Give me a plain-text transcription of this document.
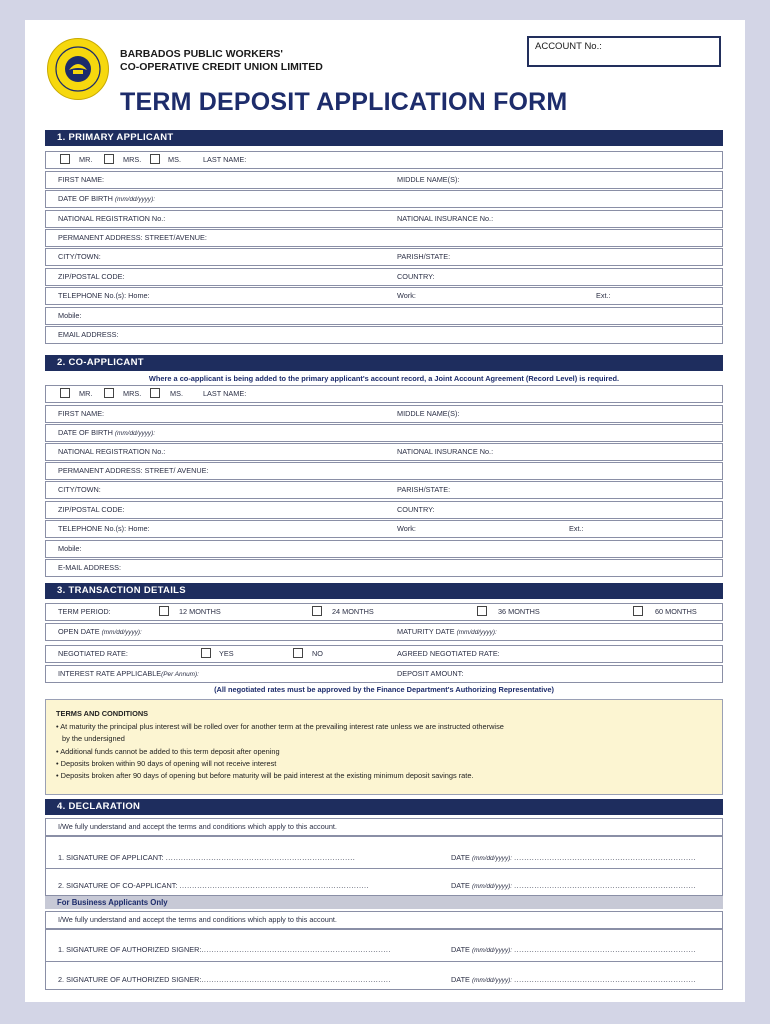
BARBADOS PUBLIC WORKERS'
CO-OPERATIVE CREDIT UNION LIMITED
ACCOUNT No.:
TERM DEPOSIT APPLICATION FORM
1. PRIMARY APPLICANT
MR.	MRS.	MS.	LAST NAME:
FIRST NAME:	MIDDLE NAME(S):
DATE OF BIRTH (mm/dd/yyyy):
NATIONAL REGISTRATION No.:	NATIONAL INSURANCE No.:
PERMANENT ADDRESS: STREET/AVENUE:
CITY/TOWN:	PARISH/STATE:
ZIP/POSTAL CODE:	COUNTRY:
TELEPHONE No.(s): Home:	Work:	Ext.:
Mobile:
EMAIL ADDRESS:
2. CO-APPLICANT
Where a co-applicant is being added to the primary applicant's account record, a Joint Account Agreement (Record Level) is required.
MR.	MRS.	MS.	LAST NAME:
FIRST NAME:	MIDDLE NAME(S):
DATE OF BIRTH (mm/dd/yyyy):
NATIONAL REGISTRATION No.:	NATIONAL INSURANCE No.:
PERMANENT ADDRESS: STREET/ AVENUE:
CITY/TOWN:	PARISH/STATE:
ZIP/POSTAL CODE:	COUNTRY:
TELEPHONE No.(s): Home:	Work:	Ext.:
Mobile:
E-MAIL ADDRESS:
3. TRANSACTION DETAILS
TERM PERIOD:	12 MONTHS	24 MONTHS	36 MONTHS	60 MONTHS
OPEN DATE (mm/dd/yyyy):	MATURITY DATE (mm/dd/yyyy):
NEGOTIATED RATE:	YES	NO	AGREED NEGOTIATED RATE:
INTEREST RATE APPLICABLE(Per Annum):	DEPOSIT AMOUNT:
(All negotiated rates must be approved by the Finance Department's Authorizing Representative)
TERMS AND CONDITIONS
• At maturity the principal plus interest will be rolled over for another term at the prevailing interest rate unless we are instructed otherwise
by the undersigned
• Additional funds cannot be added to this term deposit after opening
• Deposits broken within 90 days of opening will not receive interest
• Deposits broken after 90 days of opening but before maturity will be paid interest at the existing minimum deposit savings rate.
4. DECLARATION
I/We fully understand and accept the terms and conditions which apply to this account.
1. SIGNATURE OF APPLICANT: ...........................................................................	DATE (mm/dd/yyyy): ........................................................................
2. SIGNATURE OF CO-APPLICANT: ...........................................................................	DATE (mm/dd/yyyy): ........................................................................
For Business Applicants Only
I/We fully understand and accept the terms and conditions which apply to this account.
1. SIGNATURE OF AUTHORIZED SIGNER:...........................................................................	DATE (mm/dd/yyyy): ........................................................................
2. SIGNATURE OF AUTHORIZED SIGNER:...........................................................................	DATE (mm/dd/yyyy): ........................................................................
